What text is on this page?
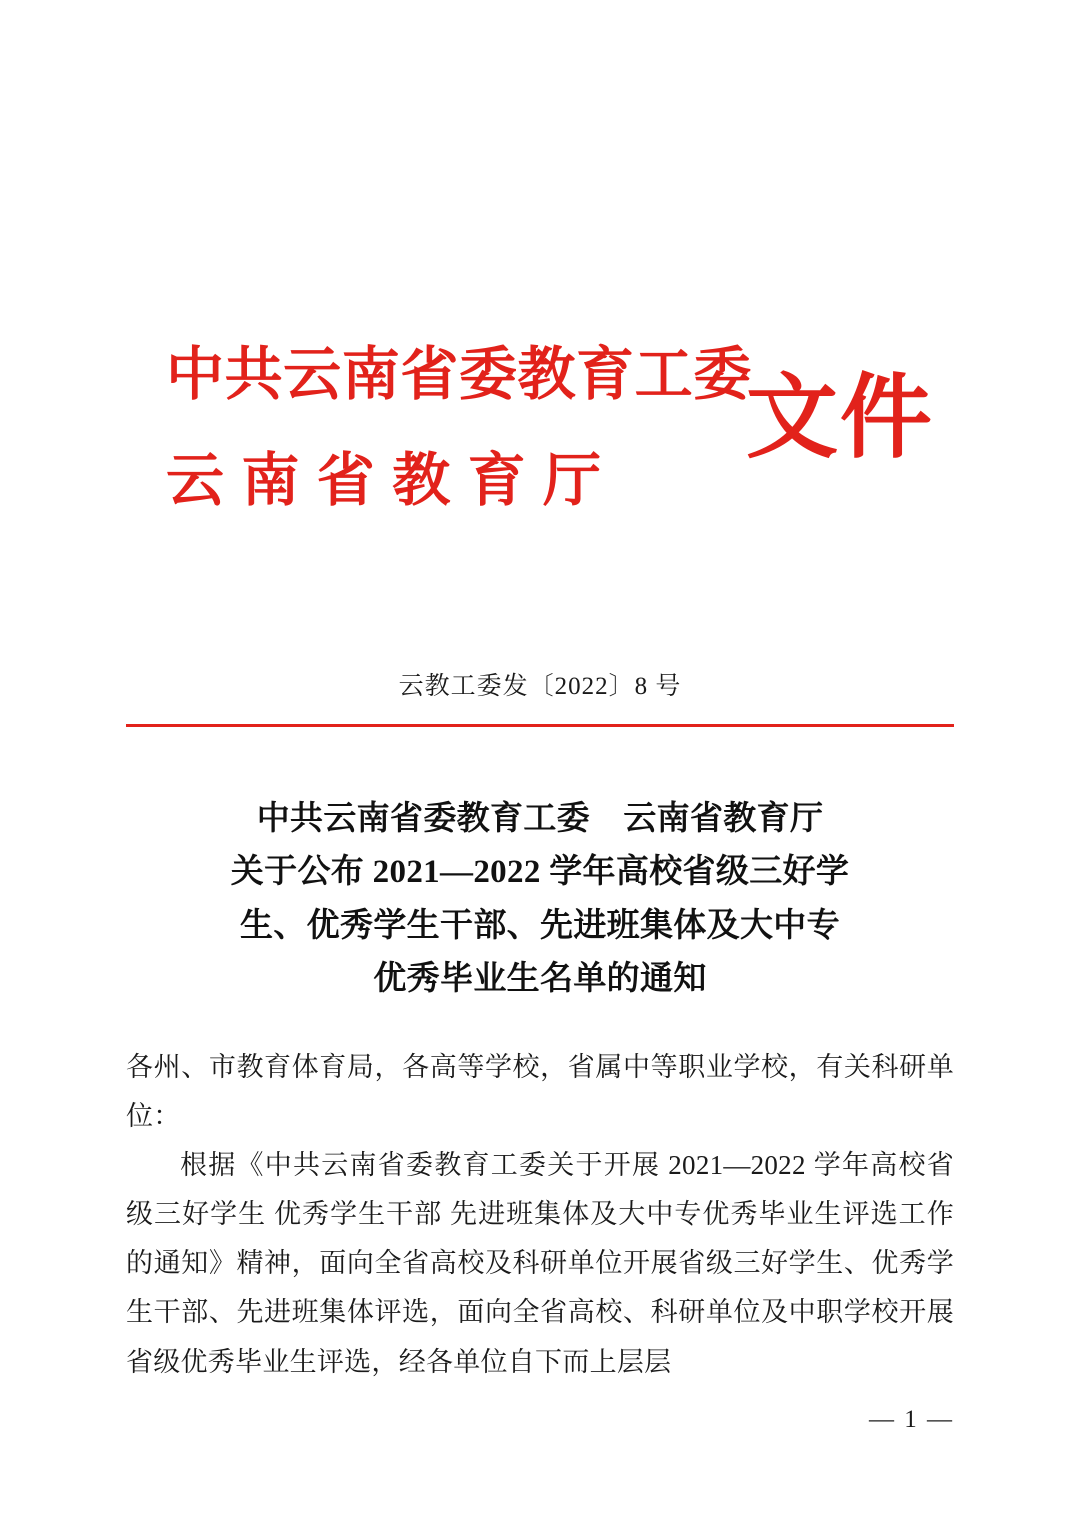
中共云南省委教育工委
云南省教育厅
文件
云教工委发〔2022〕8 号
中共云南省委教育工委　云南省教育厅
关于公布 2021—2022 学年高校省级三好学
生、优秀学生干部、先进班集体及大中专
优秀毕业生名单的通知

各州、市教育体育局，各高等学校，省属中等职业学校，有关科研单位：

根据《中共云南省委教育工委关于开展 2021—2022 学年高校省级三好学生 优秀学生干部 先进班集体及大中专优秀毕业生评选工作的通知》精神，面向全省高校及科研单位开展省级三好学生、优秀学生干部、先进班集体评选，面向全省高校、科研单位及中职学校开展省级优秀毕业生评选，经各单位自下而上层层

— 1 —
